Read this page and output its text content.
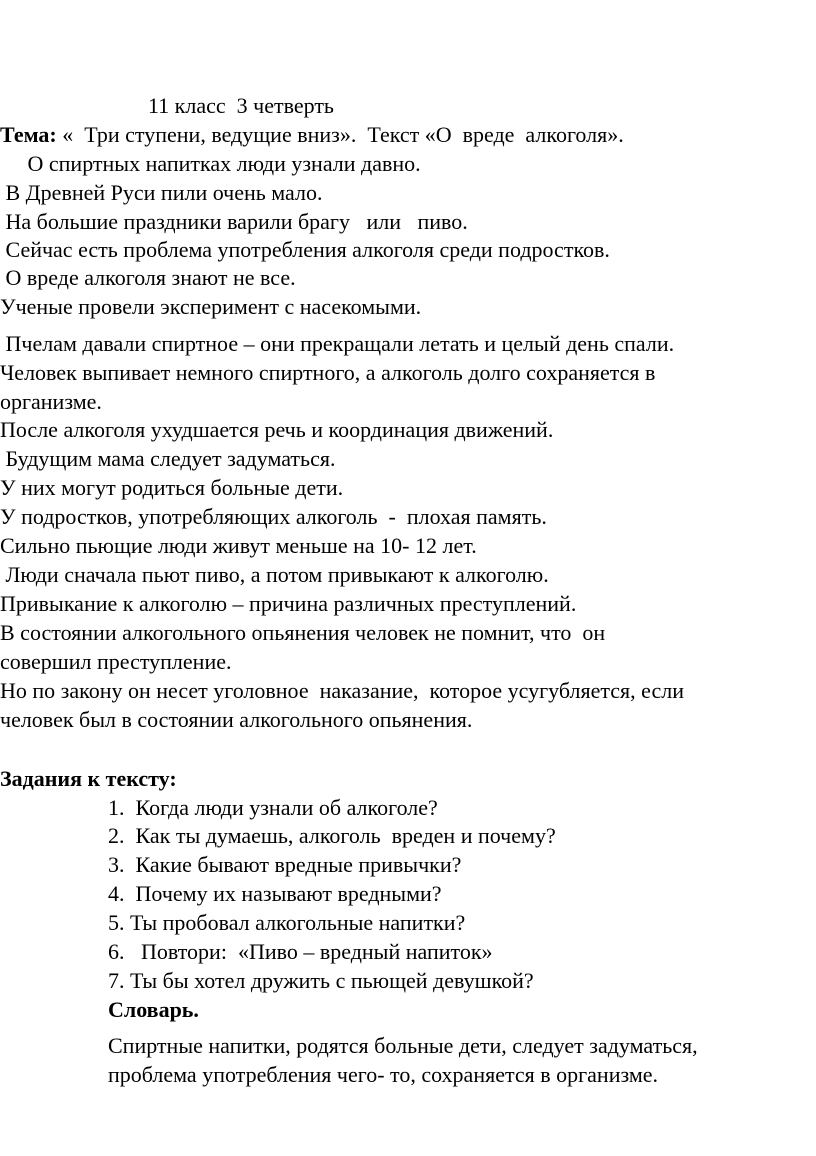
11 класс  3 четверть

Тема: «  Три ступени, ведущие вниз».  Текст «О  вреде  алкоголя».

О спиртных напитках люди узнали давно.

В Древней Руси пили очень мало.

На большие праздники варили брагу   или   пиво.

Сейчас есть проблема употребления алкоголя среди подростков.

О вреде алкоголя знают не все.

Ученые провели эксперимент с насекомыми.

Пчелам давали спиртное – они прекращали летать и целый день спали.

Человек выпивает немного спиртного, а алкоголь долго сохраняется в

организме.

После алкоголя ухудшается речь и координация движений.

Будущим мама следует задуматься.

У них могут родиться больные дети.

У подростков, употребляющих алкоголь  -  плохая память.

Сильно пьющие люди живут меньше на 10- 12 лет.

Люди сначала пьют пиво, а потом привыкают к алкоголю.

Привыкание к алкоголю – причина различных преступлений.

В состоянии алкогольного опьянения человек не помнит, что  он

совершил преступление.

Но по закону он несет уголовное  наказание,  которое усугубляется, если

человек был в состоянии алкогольного опьянения.

Задания к тексту:

1.  Когда люди узнали об алкоголе?

2.  Как ты думаешь, алкоголь  вреден и почему?

3.  Какие бывают вредные привычки?

4.  Почему их называют вредными?

5. Ты пробовал алкогольные напитки?

6.   Повтори:  «Пиво – вредный напиток»

7. Ты бы хотел дружить с пьющей девушкой?

Словарь.

Спиртные напитки, родятся больные дети, следует задуматься,

проблема употребления чего- то, сохраняется в организме.
